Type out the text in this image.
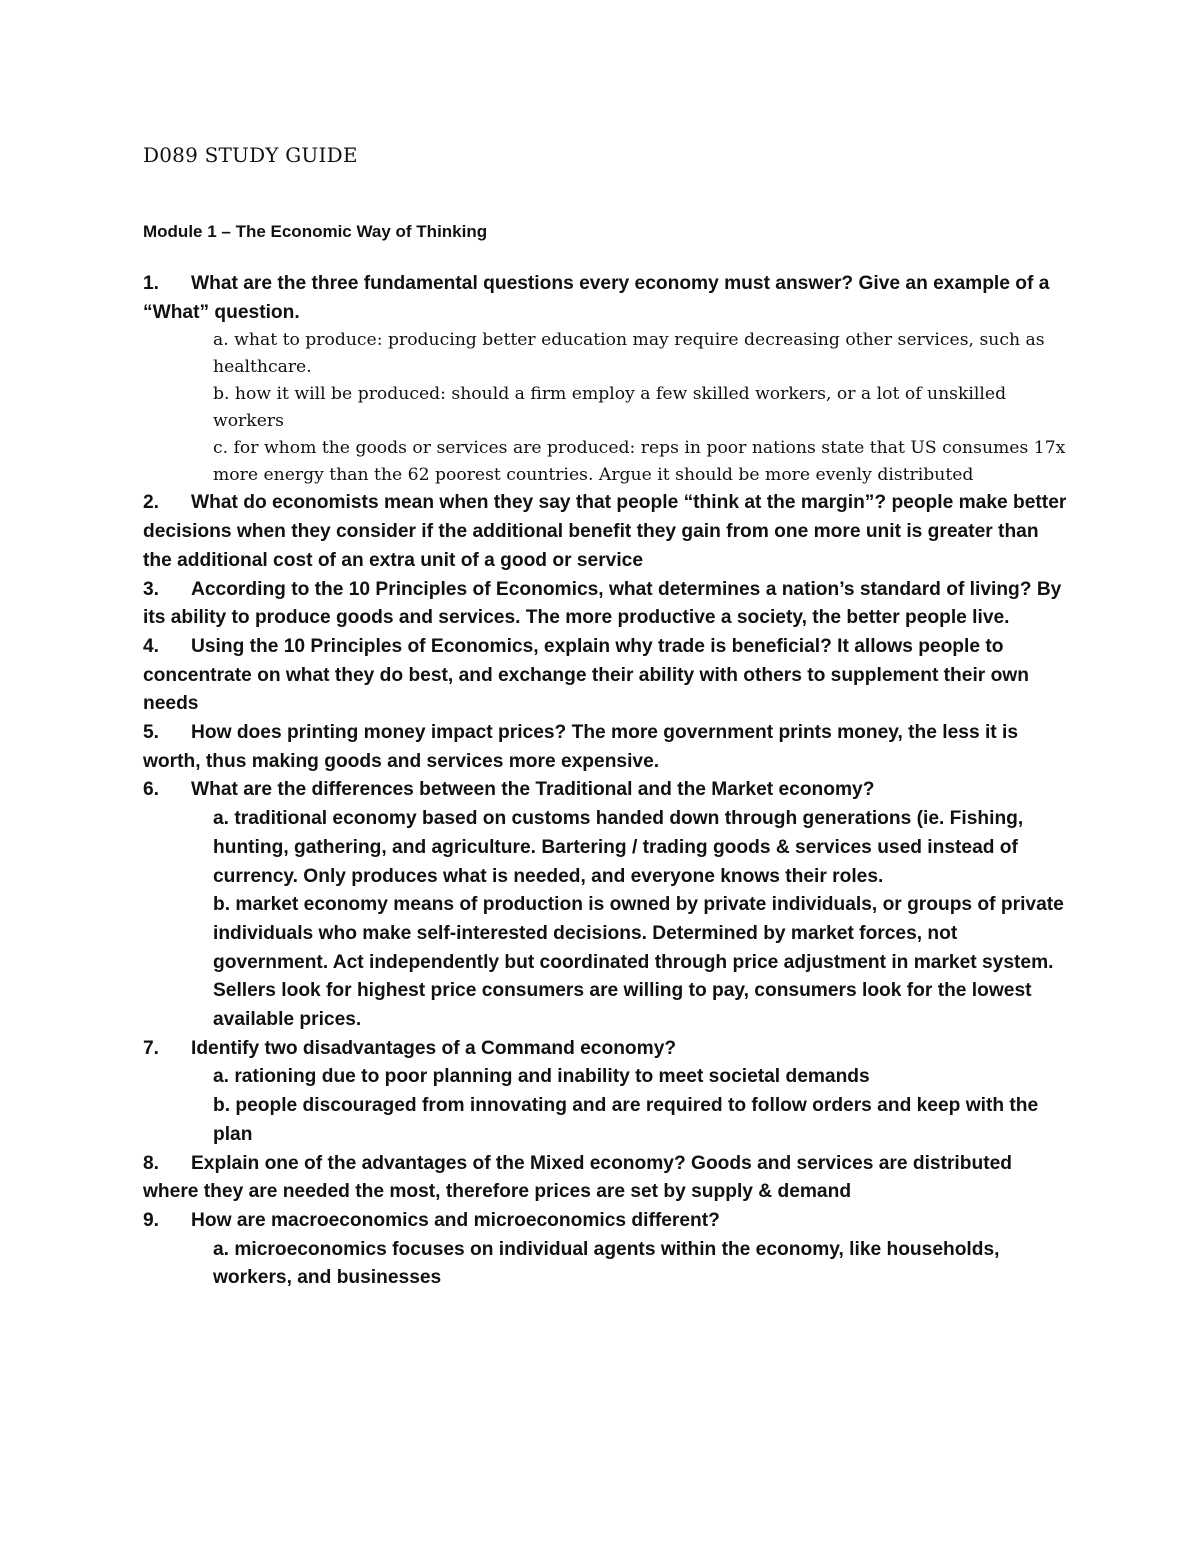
D089 STUDY GUIDE
Module 1 – The Economic Way of Thinking
1. What are the three fundamental questions every economy must answer? Give an example of a “What” question.
a. what to produce: producing better education may require decreasing other services, such as healthcare.
b. how it will be produced: should a firm employ a few skilled workers, or a lot of unskilled workers
c. for whom the goods or services are produced: reps in poor nations state that US consumes 17x more energy than the 62 poorest countries. Argue it should be more evenly distributed
2. What do economists mean when they say that people “think at the margin”? people make better decisions when they consider if the additional benefit they gain from one more unit is greater than the additional cost of an extra unit of a good or service
3. According to the 10 Principles of Economics, what determines a nation’s standard of living? By its ability to produce goods and services. The more productive a society, the better people live.
4. Using the 10 Principles of Economics, explain why trade is beneficial? It allows people to concentrate on what they do best, and exchange their ability with others to supplement their own needs
5. How does printing money impact prices? The more government prints money, the less it is worth, thus making goods and services more expensive.
6. What are the differences between the Traditional and the Market economy?
a. traditional economy based on customs handed down through generations (ie. Fishing, hunting, gathering, and agriculture. Bartering / trading goods & services used instead of currency. Only produces what is needed, and everyone knows their roles.
b. market economy means of production is owned by private individuals, or groups of private individuals who make self-interested decisions. Determined by market forces, not government. Act independently but coordinated through price adjustment in market system. Sellers look for highest price consumers are willing to pay, consumers look for the lowest available prices.
7. Identify two disadvantages of a Command economy?
a. rationing due to poor planning and inability to meet societal demands
b. people discouraged from innovating and are required to follow orders and keep with the plan
8. Explain one of the advantages of the Mixed economy? Goods and services are distributed where they are needed the most, therefore prices are set by supply & demand
9. How are macroeconomics and microeconomics different?
a. microeconomics focuses on individual agents within the economy, like households, workers, and businesses
